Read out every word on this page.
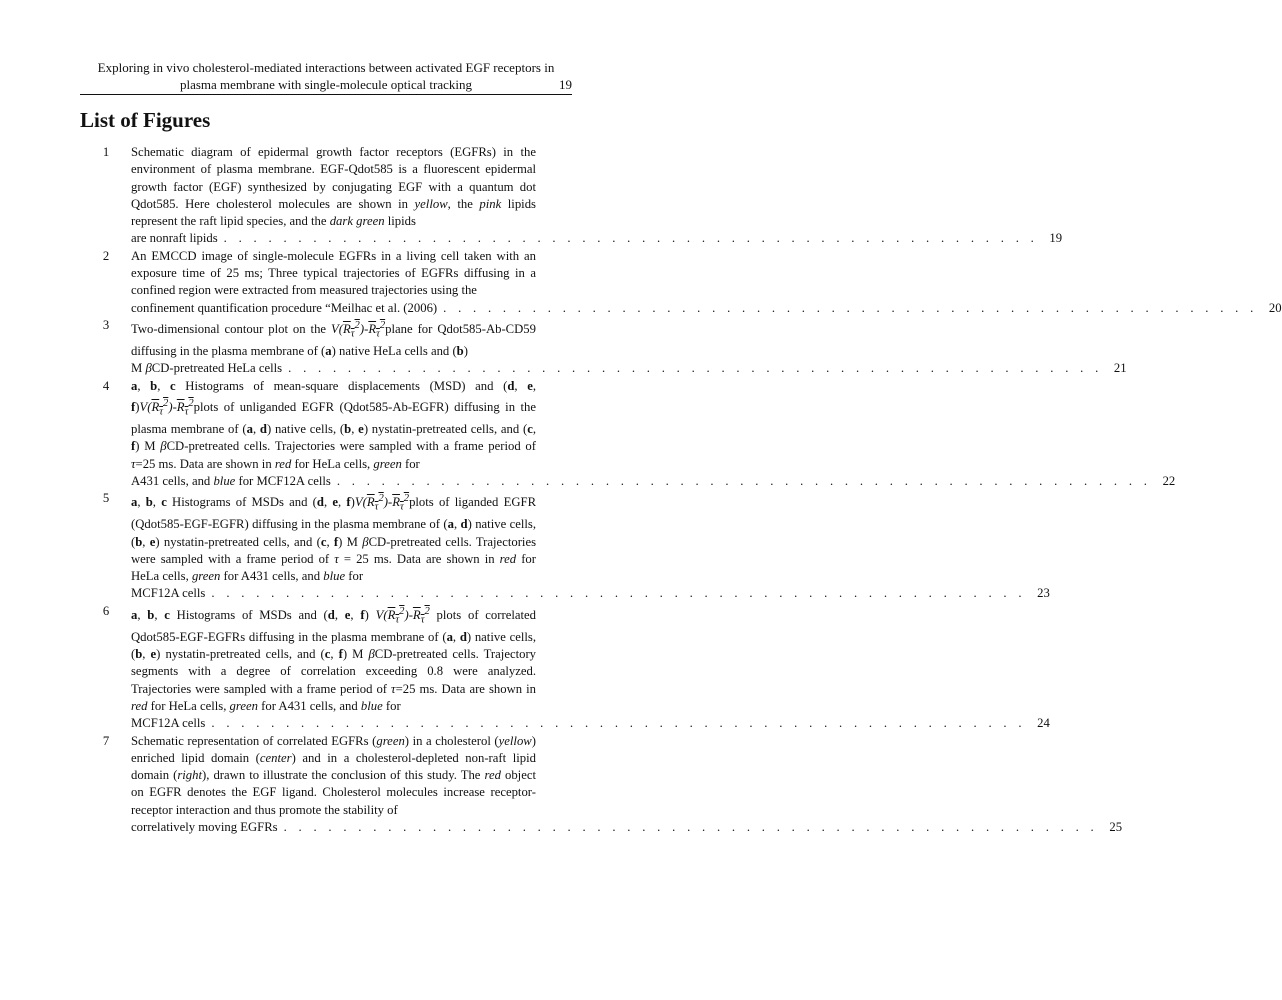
Exploring in vivo cholesterol-mediated interactions between activated EGF receptors in
plasma membrane with single-molecule optical tracking	19
List of Figures
1 Schematic diagram of epidermal growth factor receptors (EGFRs) in the environment of plasma membrane. EGF-Qdot585 is a fluorescent epidermal growth factor (EGF) synthesized by conjugating EGF with a quantum dot Qdot585. Here cholesterol molecules are shown in yellow, the pink lipids represent the raft lipid species, and the dark green lipids
are nonraft lipids . . . . . . . . . . . . . . . . . . . . . . . . . . . . . . . . . . . . . . . . . . . . . . . . . . . . . . . 19
2 An EMCCD image of single-molecule EGFRs in a living cell taken with an exposure time of 25 ms; Three typical trajectories of EGFRs diffusing in a confined region were extracted from measured trajectories using the
confinement quantification procedure “Meilhac et al. (2006) . . . . . . . . . . . . . . . . . . . . . . . . . . . . . . . . . . . . . . . . . . . . . . . . . . . . . . . 20
3 Two-dimensional contour plot on the $V(R_\tau^2)-R_\tau^2plane$ for Qdot585-Ab-CD59 diffusing in the plasma membrane of (a) native HeLa cells and (b)
M βCD-pretreated HeLa cells . . . . . . . . . . . . . . . . . . . . . . . . . . . . . . . . . . . . . . . . . . . . . . . . . . . . . . . 21
4 a, b, c Histograms of mean-square displacements (MSD) and (d, e, $f)V(R_\tau^2)-R_\tau^2plots$ of unliganded EGFR (Qdot585-Ab-EGFR) diffusing in the plasma membrane of (a, d) native cells, (b, e) nystatin-pretreated cells, and (c, f) M βCD-pretreated cells. Trajectories were sampled with a frame period of τ=25 ms. Data are shown in red for HeLa cells, green for
A431 cells, and blue for MCF12A cells . . . . . . . . . . . . . . . . . . . . . . . . . . . . . . . . . . . . . . . . . . . . . . . . . . . . . . . 22
5 a, b, c Histograms of MSDs and (d, e, $f)V(R_\tau^2)-R_\tau^2plots$ of liganded EGFR (Qdot585-EGF-EGFR) diffusing in the plasma membrane of (a, d) native cells, (b, e) nystatin-pretreated cells, and (c, f) M βCD-pretreated cells. Trajectories were sampled with a frame period of τ = 25 ms. Data are shown in red for HeLa cells, green for A431 cells, and blue for
MCF12A cells . . . . . . . . . . . . . . . . . . . . . . . . . . . . . . . . . . . . . . . . . . . . . . . . . . . . . . . 23
6 a, b, c Histograms of MSDs and (d, e, f) $V(R_\tau^2)-R_\tau^2$ plots of correlated Qdot585-EGF-EGFRs diffusing in the plasma membrane of (a, d) native cells, (b, e) nystatin-pretreated cells, and (c, f) M βCD-pretreated cells. Trajectory segments with a degree of correlation exceeding 0.8 were analyzed. Trajectories were sampled with a frame period of τ=25 ms. Data are shown in red for HeLa cells, green for A431 cells, and blue for
MCF12A cells . . . . . . . . . . . . . . . . . . . . . . . . . . . . . . . . . . . . . . . . . . . . . . . . . . . . . . . 24
7 Schematic representation of correlated EGFRs (green) in a cholesterol (yellow) enriched lipid domain (center) and in a cholesterol-depleted non-raft lipid domain (right), drawn to illustrate the conclusion of this study. The red object on EGFR denotes the EGF ligand. Cholesterol molecules increase receptor-receptor interaction and thus promote the stability of
correlatively moving EGFRs . . . . . . . . . . . . . . . . . . . . . . . . . . . . . . . . . . . . . . . . . . . . . . . . . . . . . . . 25
